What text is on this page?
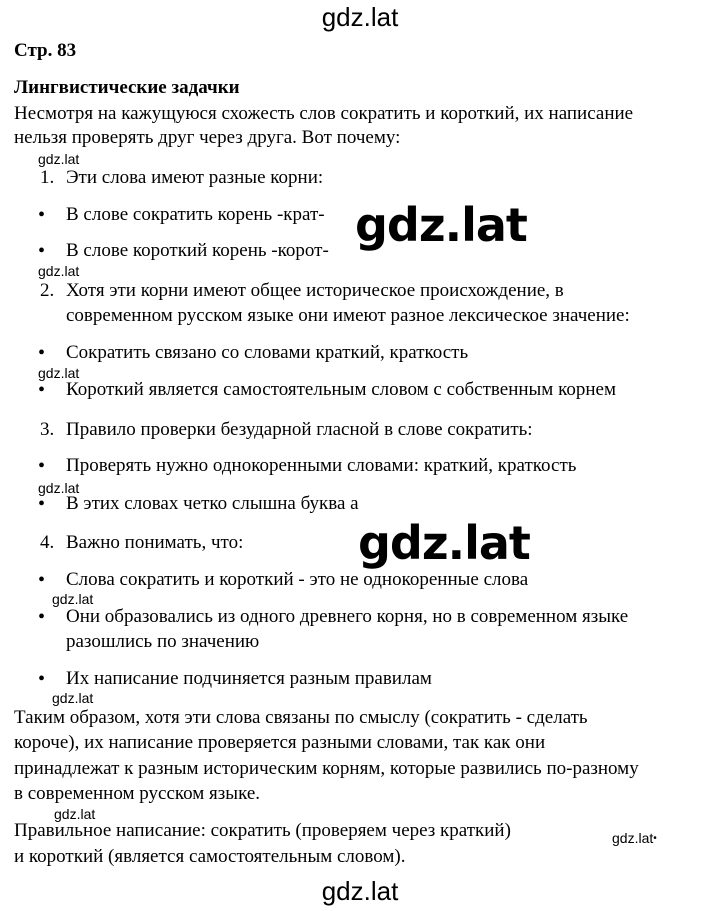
gdz.lat
gdz.lat
gdz.lat
gdz.lat
gdz.lat
gdz.lat
gdz.lat
gdz.lat
gdz.lat
gdz.lat
gdz.lat•
Стр. 83
Лингвистические задачки
Несмотря на кажущуюся схожесть слов сократить и короткий, их написание
нельзя проверять друг через друга. Вот почему:
1. Эти слова имеют разные корни:
• В слове сократить корень -крат-
• В слове короткий корень -корот-
2. Хотя эти корни имеют общее историческое происхождение, в
современном русском языке они имеют разное лексическое значение:
• Сократить связано со словами краткий, краткость
• Короткий является самостоятельным словом с собственным корнем
3. Правило проверки безударной гласной в слове сократить:
• Проверять нужно однокоренными словами: краткий, краткость
• В этих словах четко слышна буква а
4. Важно понимать, что:
• Слова сократить и короткий - это не однокоренные слова
• Они образовались из одного древнего корня, но в современном языке
разошлись по значению
• Их написание подчиняется разным правилам
Таким образом, хотя эти слова связаны по смыслу (сократить - сделать
короче), их написание проверяется разными словами, так как они
принадлежат к разным историческим корням, которые развились по-разному
в современном русском языке.
Правильное написание: сократить (проверяем через краткий)
и короткий (является самостоятельным словом).
gdz.lat
